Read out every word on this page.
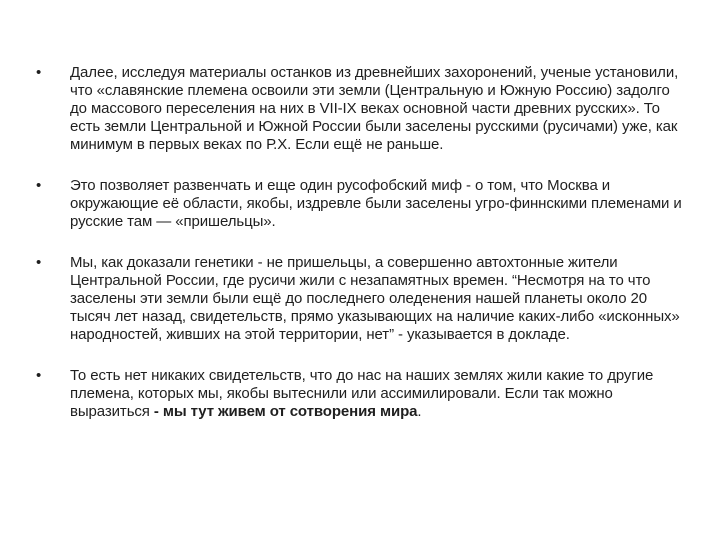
• Далее, исследуя материалы останков из древнейших захоронений, ученые установили, что «славянские племена освоили эти земли (Центральную и Южную Россию) задолго до массового переселения на них в VII-IX веках основной части древних русских». То есть земли Центральной и Южной России были заселены русскими (русичами) уже, как минимум в первых веках по Р.Х. Если ещё не раньше.
• Это позволяет развенчать и еще один русофобский миф ‑ о том, что Москва и окружающие её области, якобы, издревле были заселены угро-финнскими племенами и русские там — «пришельцы».
• Мы, как доказали генетики ‑ не пришельцы, а совершенно автохтонные жители Центральной России, где русичи жили с незапамятных времен. “Несмотря на то что заселены эти земли были ещё до последнего оледенения нашей планеты около 20 тысяч лет назад, свидетельств, прямо указывающих на наличие каких-либо «исконных» народностей, живших на этой территории, нет” ‑ указывается в докладе.
• То есть нет никаких свидетельств, что до нас на наших землях жили какие то другие племена, которых мы, якобы вытеснили или ассимилировали. Если так можно выразиться ‑ мы тут живем от сотворения мира.
